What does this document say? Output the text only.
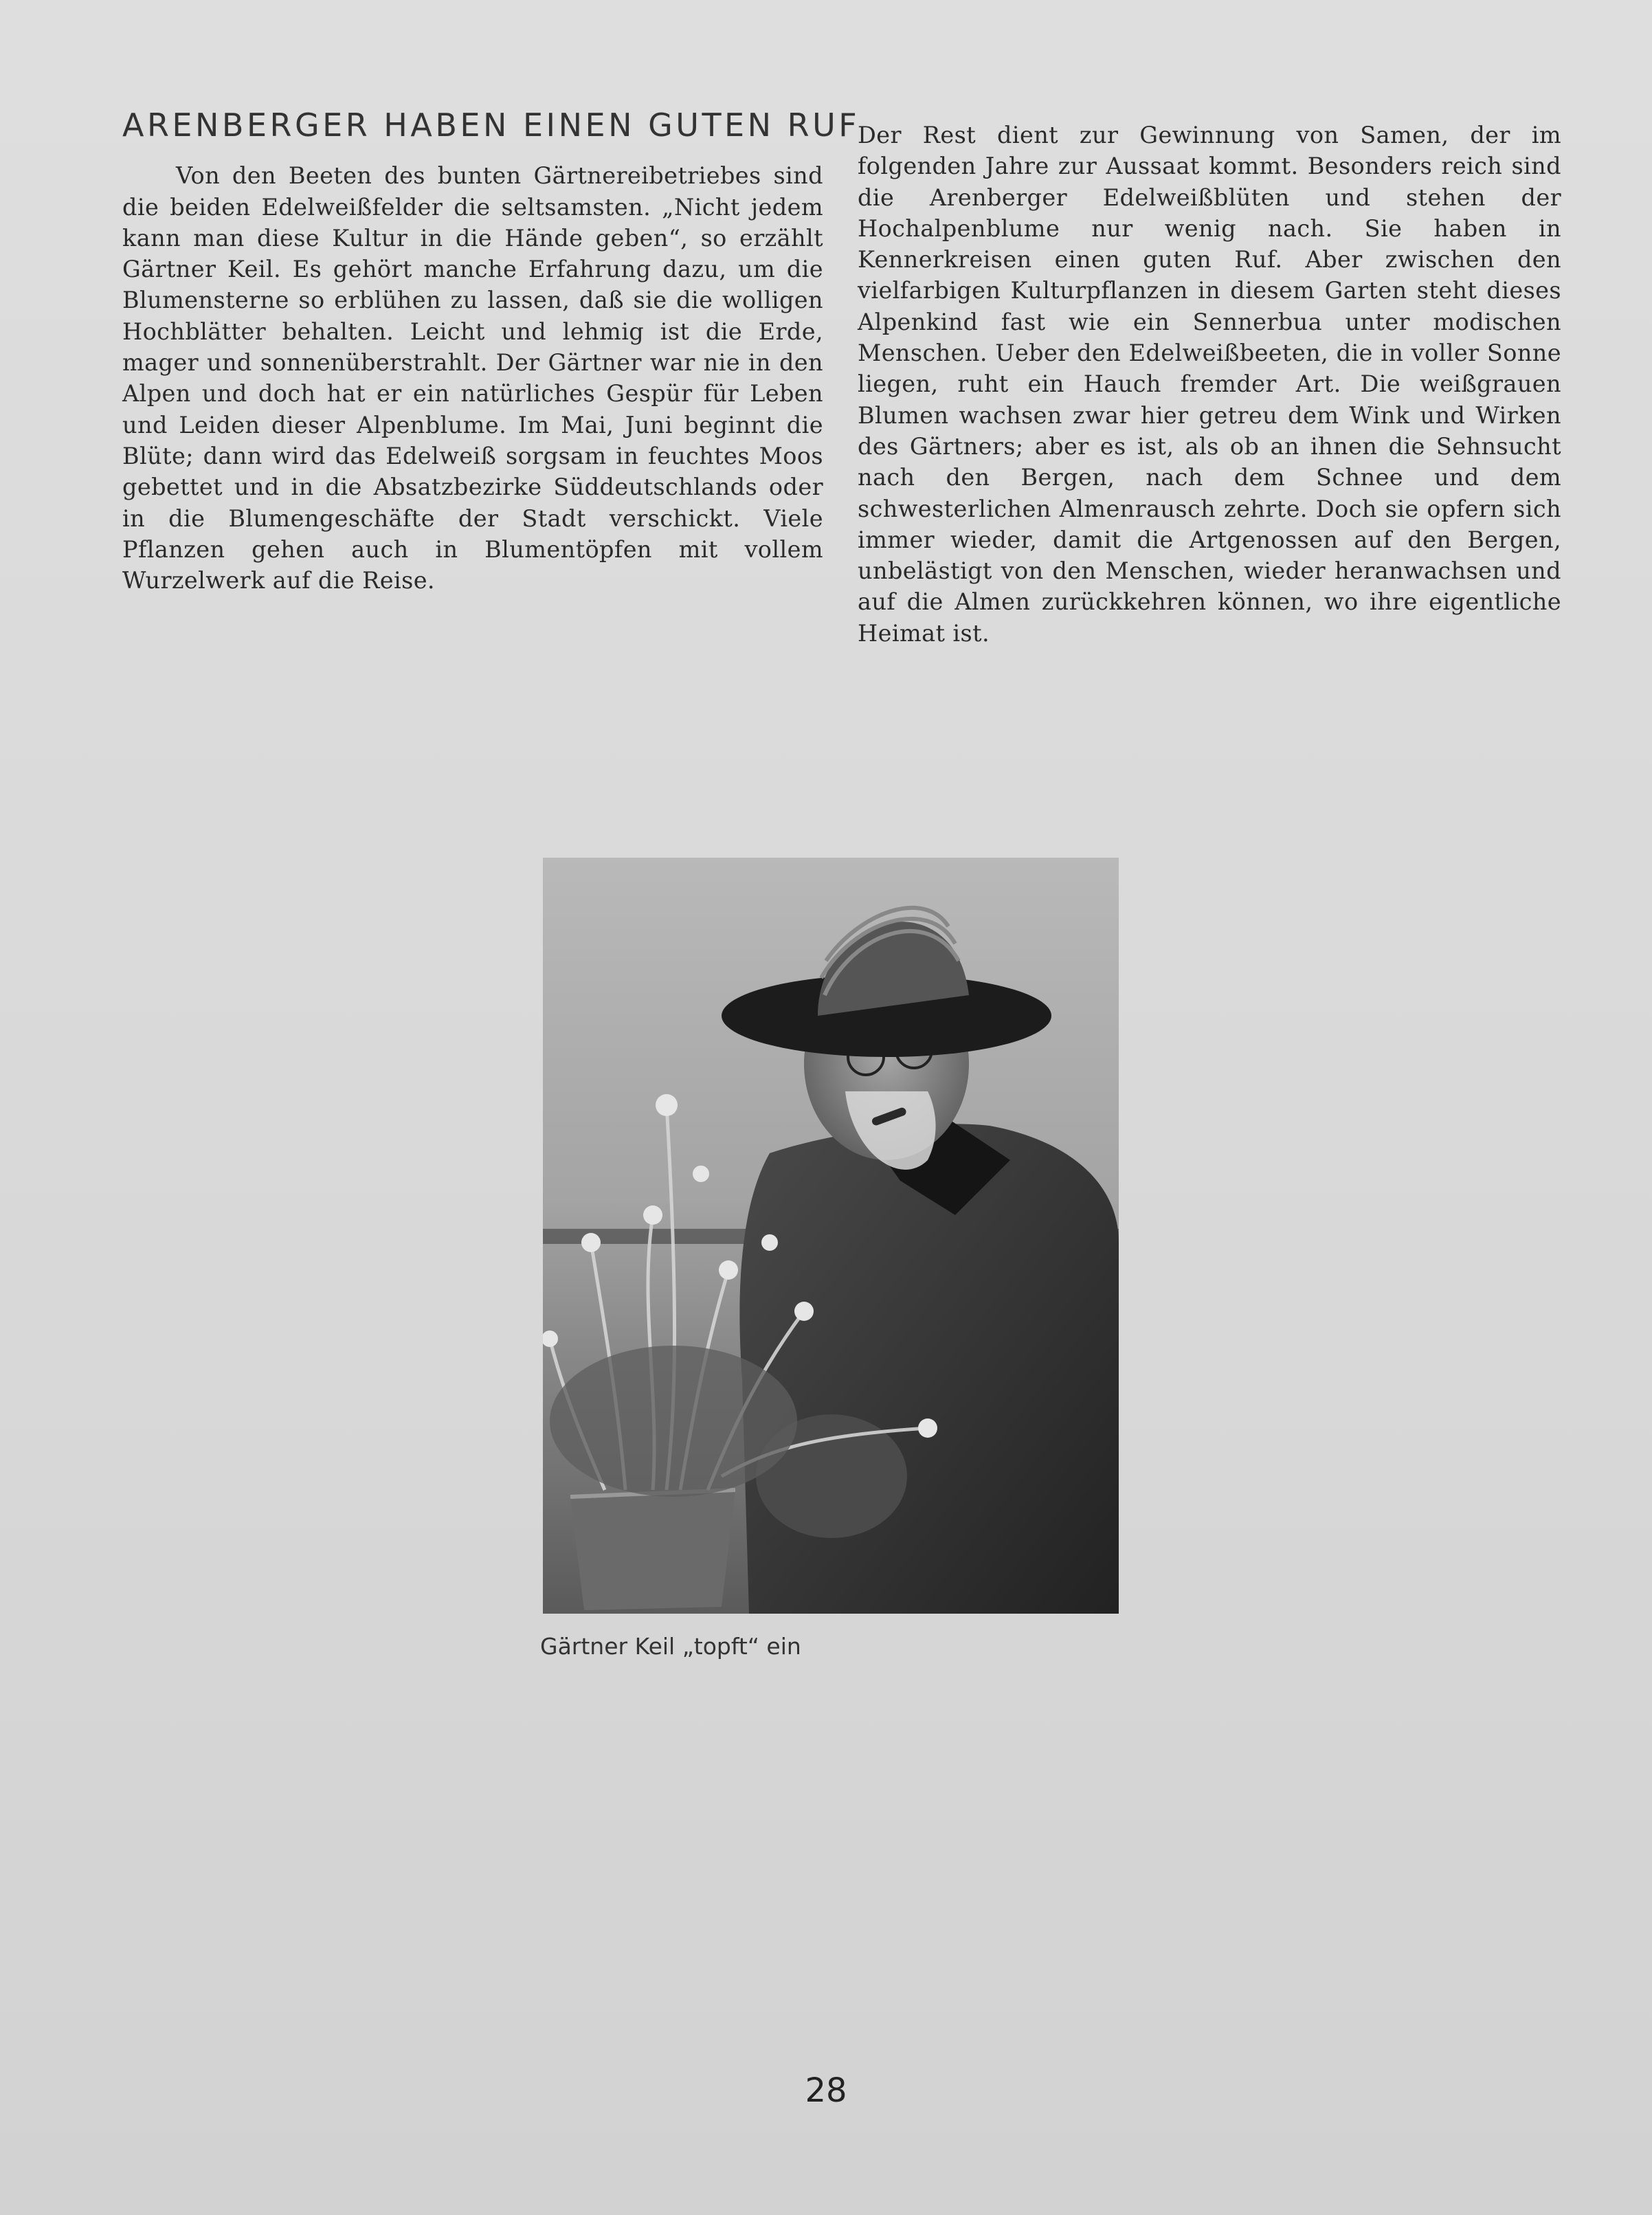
ARENBERGER HABEN EINEN GUTEN RUF

Von den Beeten des bunten Gärtnereibetriebes sind die beiden Edelweißfelder die seltsamsten. „Nicht jedem kann man diese Kultur in die Hände geben“, so erzählt Gärtner Keil. Es gehört manche Erfahrung dazu, um die Blumensterne so erblühen zu lassen, daß sie die wolligen Hochblätter behalten. Leicht und lehmig ist die Erde, mager und sonnenüberstrahlt. Der Gärtner war nie in den Alpen und doch hat er ein natürliches Gespür für Leben und Leiden dieser Alpenblume. Im Mai, Juni beginnt die Blüte; dann wird das Edelweiß sorgsam in feuchtes Moos gebettet und in die Absatzbezirke Süddeutschlands oder in die Blumengeschäfte der Stadt verschickt. Viele Pflanzen gehen auch in Blumentöpfen mit vollem Wurzelwerk auf die Reise.

Der Rest dient zur Gewinnung von Samen, der im folgenden Jahre zur Aussaat kommt. Besonders reich sind die Arenberger Edelweißblüten und stehen der Hochalpenblume nur wenig nach. Sie haben in Kennerkreisen einen guten Ruf. Aber zwischen den vielfarbigen Kulturpflanzen in diesem Garten steht dieses Alpenkind fast wie ein Sennerbua unter modischen Menschen. Ueber den Edelweißbeeten, die in voller Sonne liegen, ruht ein Hauch fremder Art. Die weißgrauen Blumen wachsen zwar hier getreu dem Wink und Wirken des Gärtners; aber es ist, als ob an ihnen die Sehnsucht nach den Bergen, nach dem Schnee und dem schwesterlichen Almenrausch zehrte. Doch sie opfern sich immer wieder, damit die Artgenossen auf den Bergen, unbelästigt von den Menschen, wieder heranwachsen und auf die Almen zurückkehren können, wo ihre eigentliche Heimat ist.

Gärtner Keil „topft“ ein
28
